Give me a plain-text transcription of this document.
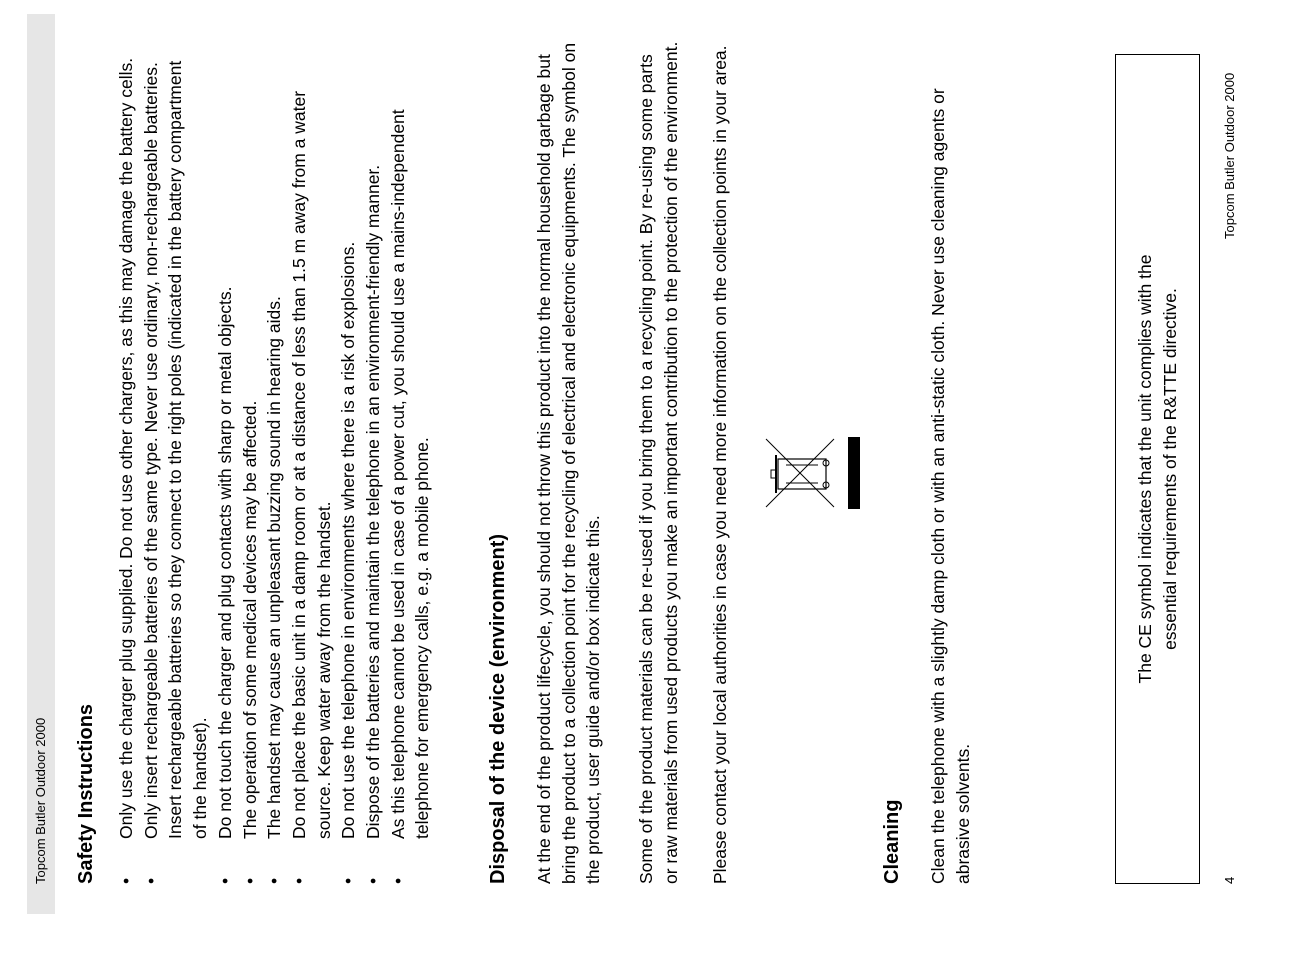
Topcom Butler Outdoor 2000 Safety Instructions • Only use the charger plug supplied. Do not use other chargers, as this may damage the battery cells. • Only insert rechargeable batteries of the same type. Never use ordinary, non-rechargeable batteries. Insert rechargeable batteries so they connect to the right poles (indicated in the battery compartment of the handset). • Do not touch the charger and plug contacts with sharp or metal objects. • The operation of some medical devices may be affected. • The handset may cause an unpleasant buzzing sound in hearing aids. • Do not place the basic unit in a damp room or at a distance of less than 1.5 m away from a water source. Keep water away from the handset. • Do not use the telephone in environments where there is a risk of explosions. • Dispose of the batteries and maintain the telephone in an environment-friendly manner. • As this telephone cannot be used in case of a power cut, you should use a mains-independent telephone for emergency calls, e.g. a mobile phone.	Disposal of the device (environment) At the end of the product lifecycle, you should not throw this product into the normal household garbage but bring the product to a collection point for the recycling of electrical and electronic equipments. The symbol on the product, user guide and/or box indicate this. Some of the product materials can be re-used if you bring them to a recycling point. By re-using some parts or raw materials from used products you make an important contribution to the protection of the environment. Please contact your local authorities in case you need more information on the collection points in your area.	Cleaning Clean the telephone with a slightly damp cloth or with an anti-static cloth. Never use cleaning agents or abrasive solvents.

The CE symbol indicates that the unit complies with the essential requirements of the R&TTE directive.
4
Topcom Butler Outdoor 2000
